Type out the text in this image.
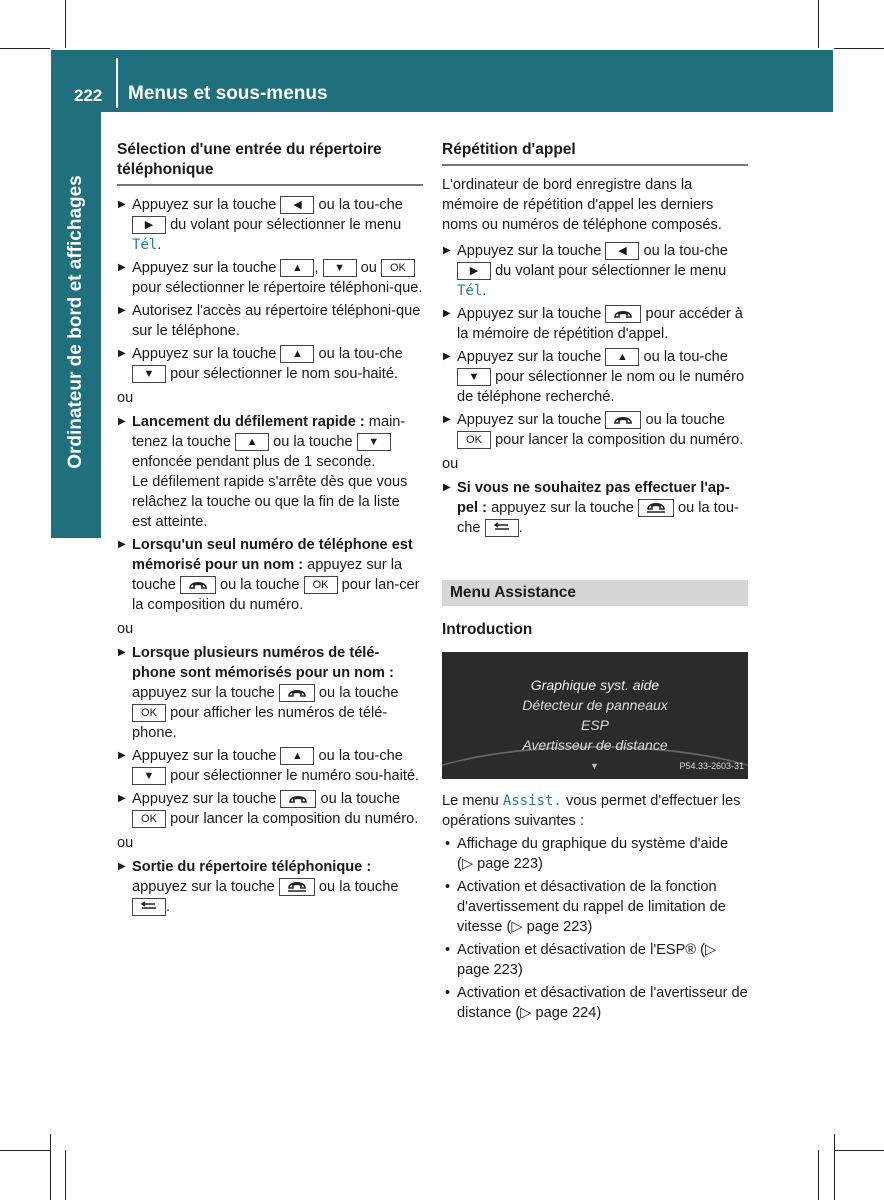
222 Menus et sous-menus
Ordinateur de bord et affichages
Sélection d'une entrée du répertoire téléphonique
▶ Appuyez sur la touche ◀ ou la tou-che ▶ du volant pour sélectionner le menu Tél.
▶ Appuyez sur la touche ▲ , ▼ ou OK pour sélectionner le répertoire téléphoni-que.
▶ Autorisez l'accès au répertoire téléphoni-que sur le téléphone.
▶ Appuyez sur la touche ▲ ou la tou-che ▼ pour sélectionner le nom sou-haité.
ou
▶ Lancement du défilement rapide : main-tenez la touche ▲ ou la touche ▼ enfoncée pendant plus de 1 seconde.
Le défilement rapide s'arrête dès que vous relâchez la touche ou que la fin de la liste est atteinte.
▶ Lorsqu'un seul numéro de téléphone est mémorisé pour un nom : appuyez sur la touche	ou la touche OK pour lan-cer la composition du numéro.
ou
▶ Lorsque plusieurs numéros de télé-phone sont mémorisés pour un nom : appuyez sur la touche	ou la touche OK pour afficher les numéros de télé-phone.
▶ Appuyez sur la touche ▲ ou la tou-che ▼ pour sélectionner le numéro sou-haité.
▶ Appuyez sur la touche	ou la touche OK pour lancer la composition du numéro.
ou
▶ Sortie du répertoire téléphonique : appuyez sur la touche	ou la touche .
Répétition d'appel
L'ordinateur de bord enregistre dans la mémoire de répétition d'appel les derniers noms ou numéros de téléphone composés.
▶ Appuyez sur la touche ◀ ou la tou-che ▶ du volant pour sélectionner le menu Tél.
▶ Appuyez sur la touche	pour accéder à la mémoire de répétition d'appel.
▶ Appuyez sur la touche ▲ ou la tou-che ▼ pour sélectionner le nom ou le numéro de téléphone recherché.
▶ Appuyez sur la touche	ou la touche OK pour lancer la composition du numéro.
ou
▶ Si vous ne souhaitez pas effectuer l'ap-pel : appuyez sur la touche	ou la tou-che	.
Menu Assistance
Introduction
Graphique syst. aide
Détecteur de panneaux
ESP
Avertisseur de distance
▼	P54.33-2603-31
Le menu Assist. vous permet d'effectuer les opérations suivantes :
• Affichage du graphique du système d'aide (▷ page 223)
• Activation et désactivation de la fonction d'avertissement du rappel de limitation de vitesse (▷ page 223)
• Activation et désactivation de l'ESP® (▷ page 223)
• Activation et désactivation de l'avertisseur de distance (▷ page 224)
